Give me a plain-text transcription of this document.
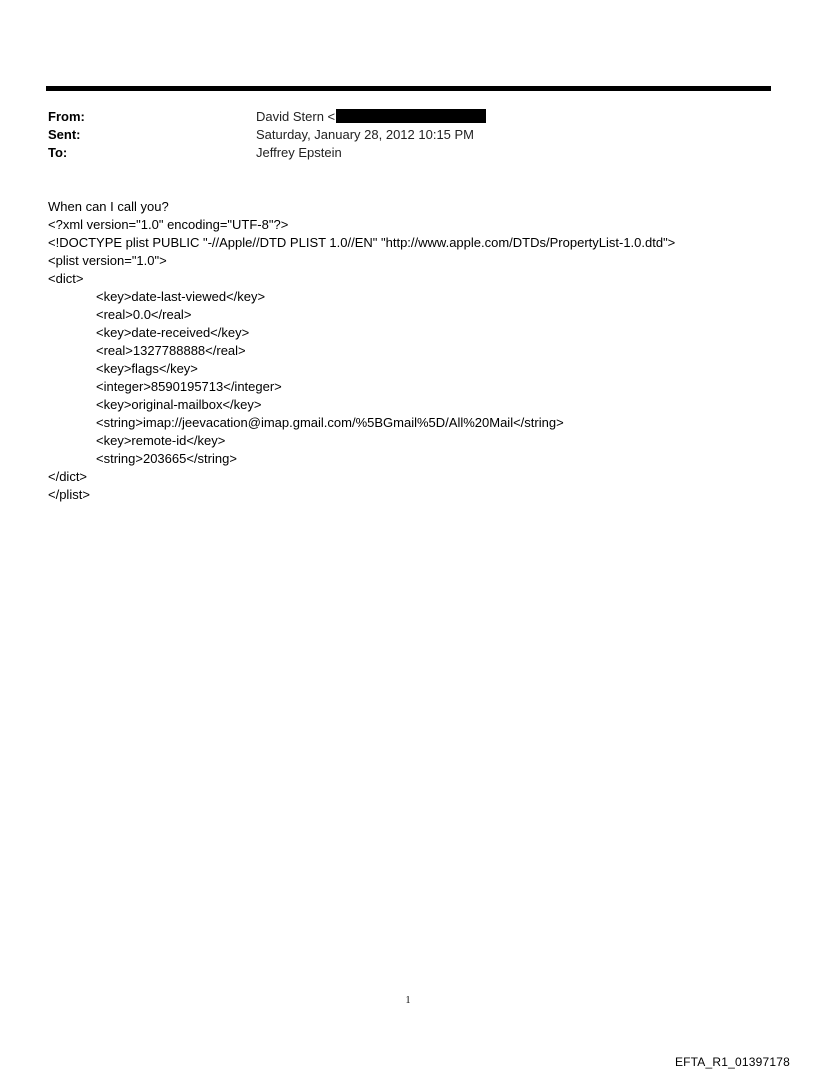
From:	David Stern <
Sent:	Saturday, January 28, 2012 10:15 PM
To:	Jeffrey Epstein
When can I call you?
<?xml version="1.0" encoding="UTF-8"?>
<!DOCTYPE plist PUBLIC "-//Apple//DTD PLIST 1.0//EN" "http://www.apple.com/DTDs/PropertyList-1.0.dtd">
<plist version="1.0">
<dict>
<key>date-last-viewed</key>
<real>0.0</real>
<key>date-received</key>
<real>1327788888</real>
<key>flags</key>
<integer>8590195713</integer>
<key>original-mailbox</key>
<string>imap://jeevacation@imap.gmail.com/%5BGmail%5D/All%20Mail</string>
<key>remote-id</key>
<string>203665</string>
</dict>
</plist>
1
EFTA_R1_01397178
